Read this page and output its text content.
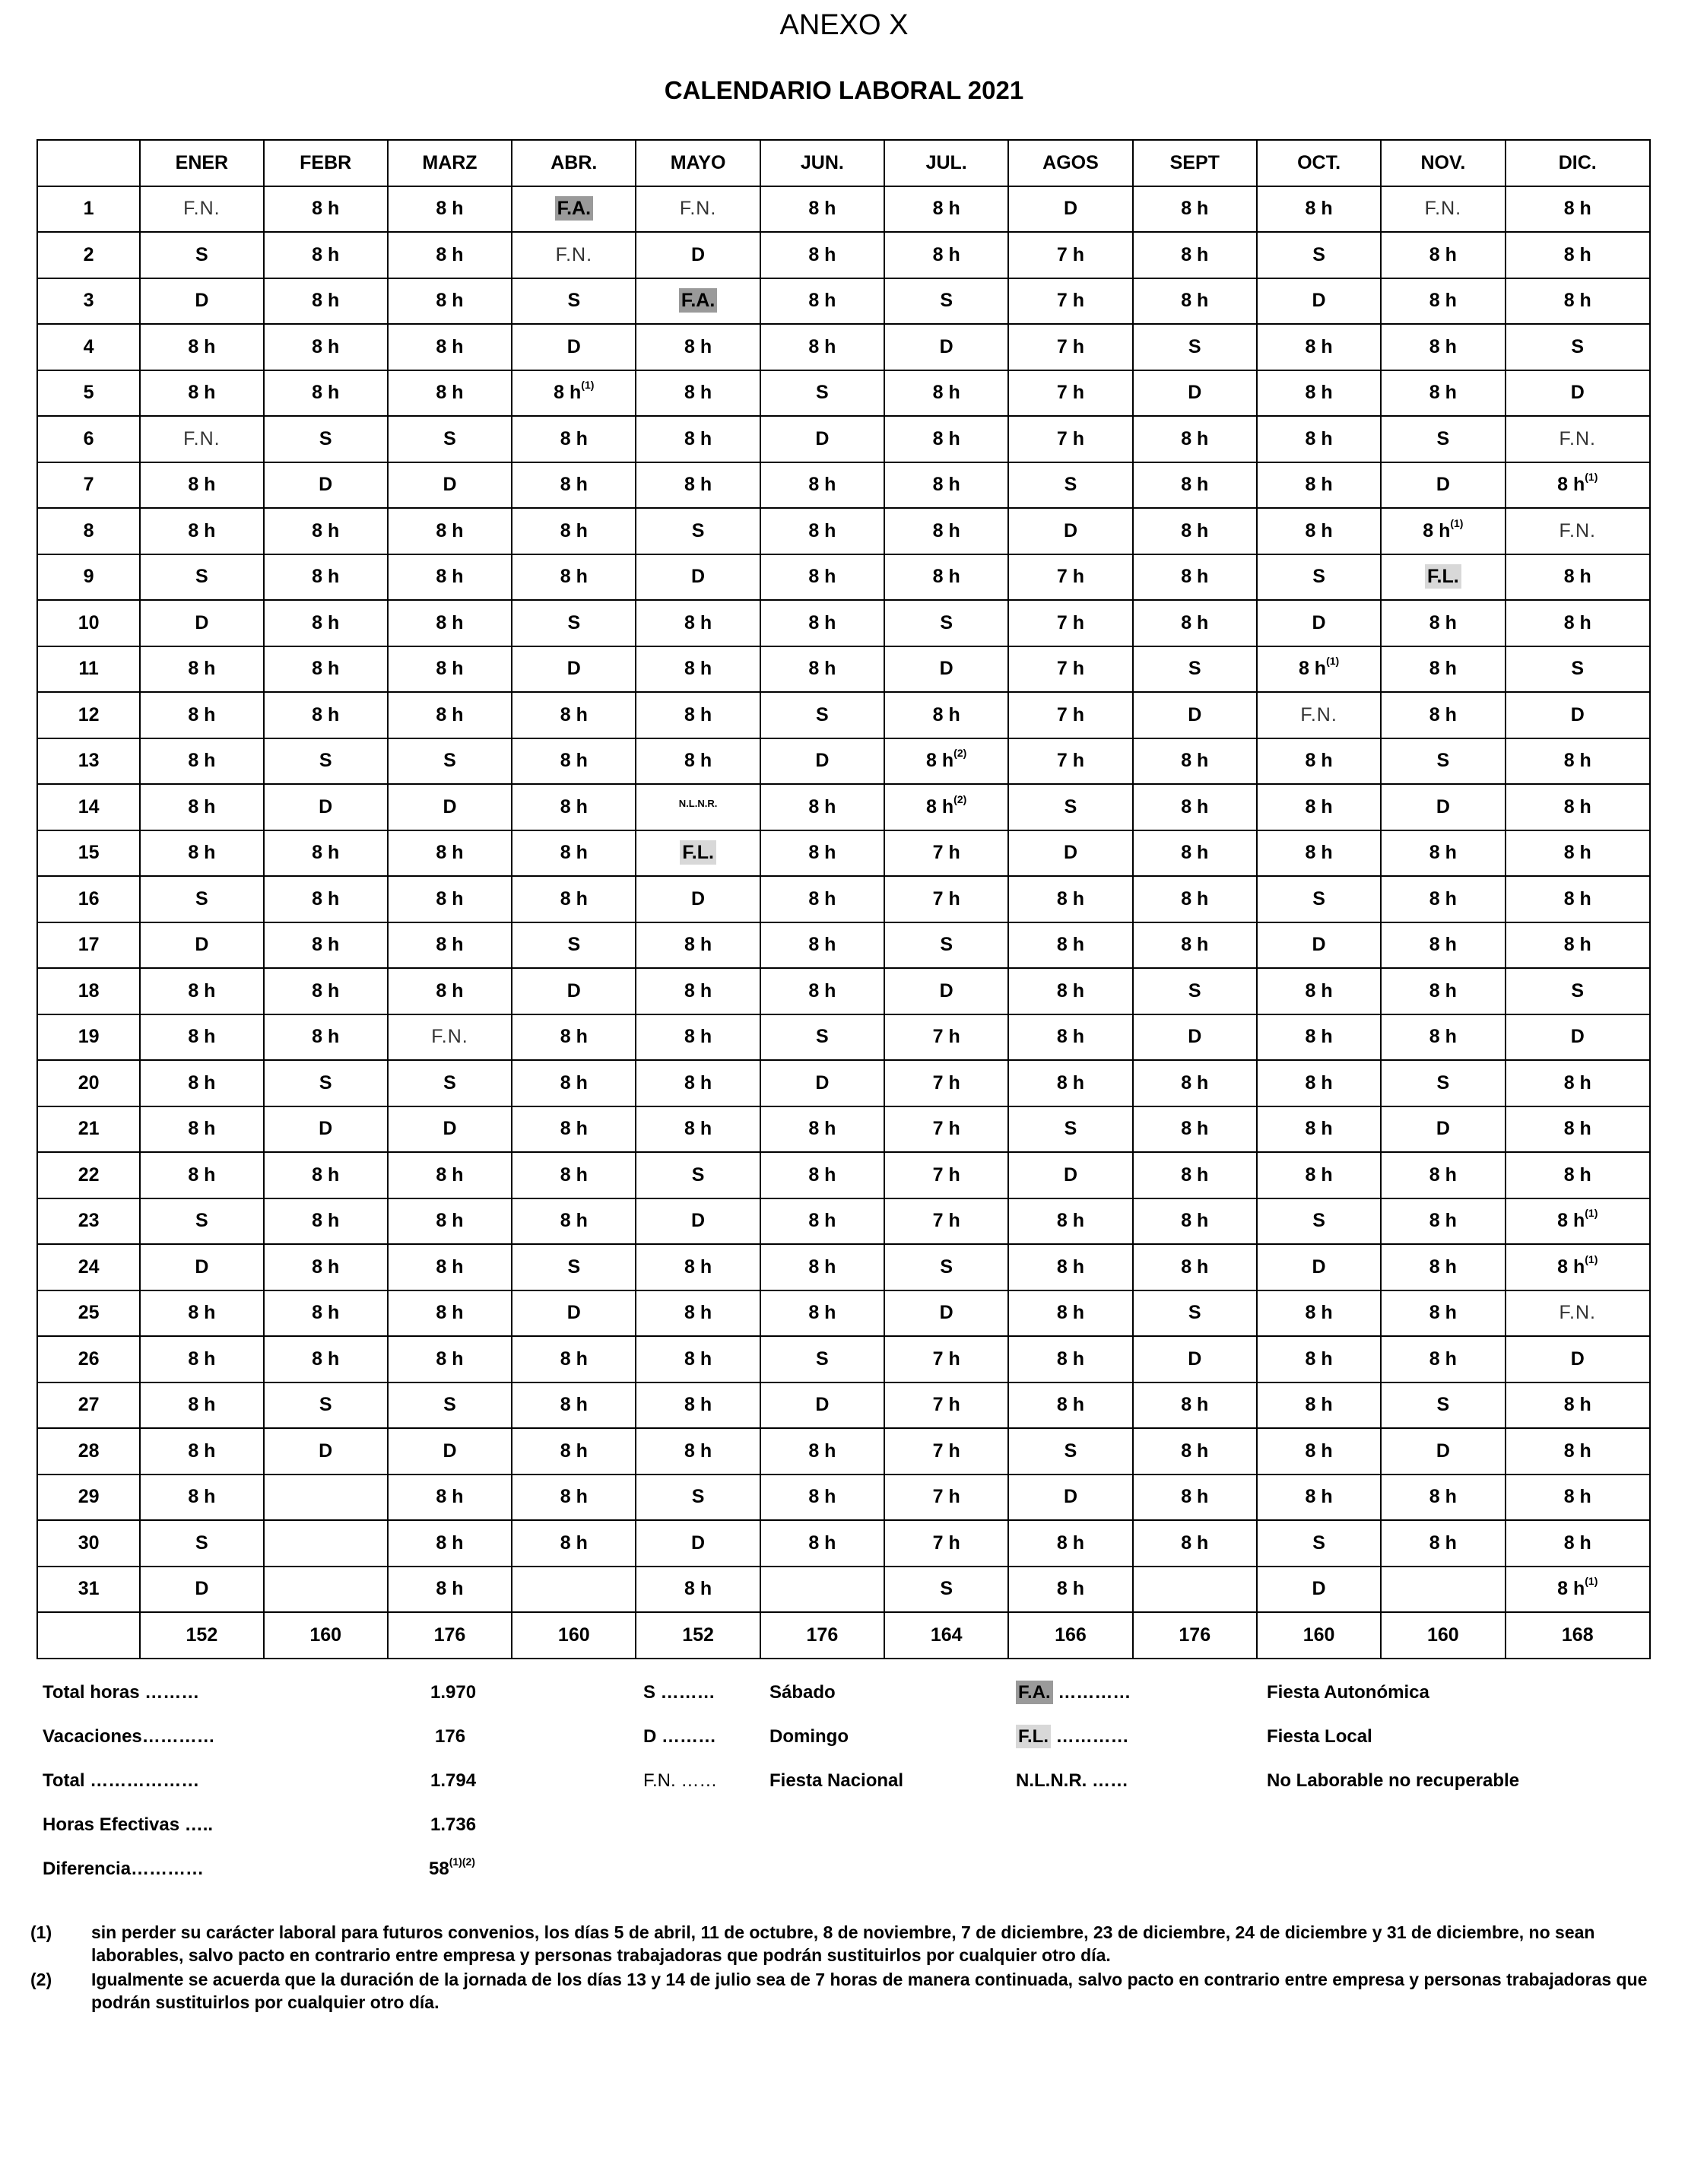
ANEXO X
CALENDARIO LABORAL 2021
	ENER	FEBR	MARZ	ABR.	MAYO	JUN.	JUL.	AGOS	SEPT	OCT.	NOV.	DIC.
1	F.N.	8 h	8 h	F.A.	F.N.	8 h	8 h	D	8 h	8 h	F.N.	8 h
2	S	8 h	8 h	F.N.	D	8 h	8 h	7 h	8 h	S	8 h	8 h
3	D	8 h	8 h	S	F.A.	8 h	S	7 h	8 h	D	8 h	8 h
4	8 h	8 h	8 h	D	8 h	8 h	D	7 h	S	8 h	8 h	S
5	8 h	8 h	8 h	8 $h^{(1)}$	8 h	S	8 h	7 h	D	8 h	8 h	D
6	F.N.	S	S	8 h	8 h	D	8 h	7 h	8 h	8 h	S	F.N.
7	8 h	D	D	8 h	8 h	8 h	8 h	S	8 h	8 h	D	8 $h^{(1)}$
8	8 h	8 h	8 h	8 h	S	8 h	8 h	D	8 h	8 h	8 $h^{(1)}$	F.N.
9	S	8 h	8 h	8 h	D	8 h	8 h	7 h	8 h	S	F.L.	8 h
10	D	8 h	8 h	S	8 h	8 h	S	7 h	8 h	D	8 h	8 h
11	8 h	8 h	8 h	D	8 h	8 h	D	7 h	S	8 $h^{(1)}$	8 h	S
12	8 h	8 h	8 h	8 h	8 h	S	8 h	7 h	D	F.N.	8 h	D
13	8 h	S	S	8 h	8 h	D	8 $h^{(2)}$	7 h	8 h	8 h	S	8 h
14	8 h	D	D	8 h	$^{N.L.N.R.}$	8 h	8 $h^{(2)}$	S	8 h	8 h	D	8 h
15	8 h	8 h	8 h	8 h	F.L.	8 h	7 h	D	8 h	8 h	8 h	8 h
16	S	8 h	8 h	8 h	D	8 h	7 h	8 h	8 h	S	8 h	8 h
17	D	8 h	8 h	S	8 h	8 h	S	8 h	8 h	D	8 h	8 h
18	8 h	8 h	8 h	D	8 h	8 h	D	8 h	S	8 h	8 h	S
19	8 h	8 h	F.N.	8 h	8 h	S	7 h	8 h	D	8 h	8 h	D
20	8 h	S	S	8 h	8 h	D	7 h	8 h	8 h	8 h	S	8 h
21	8 h	D	D	8 h	8 h	8 h	7 h	S	8 h	8 h	D	8 h
22	8 h	8 h	8 h	8 h	S	8 h	7 h	D	8 h	8 h	8 h	8 h
23	S	8 h	8 h	8 h	D	8 h	7 h	8 h	8 h	S	8 h	8 $h^{(1)}$
24	D	8 h	8 h	S	8 h	8 h	S	8 h	8 h	D	8 h	8 $h^{(1)}$
25	8 h	8 h	8 h	D	8 h	8 h	D	8 h	S	8 h	8 h	F.N.
26	8 h	8 h	8 h	8 h	8 h	S	7 h	8 h	D	8 h	8 h	D
27	8 h	S	S	8 h	8 h	D	7 h	8 h	8 h	8 h	S	8 h
28	8 h	D	D	8 h	8 h	8 h	7 h	S	8 h	8 h	D	8 h
29	8 h		8 h	8 h	S	8 h	7 h	D	8 h	8 h	8 h	8 h
30	S		8 h	8 h	D	8 h	7 h	8 h	8 h	S	8 h	8 h
31	D		8 h		8 h		S	8 h		D		8 $h^{(1)}$
	152	160	176	160	152	176	164	166	176	160	160	168
Total horas ………	1.970	S ………	Sábado	F.A. …………	Fiesta Autonómica
Vacaciones…………	176	D ………	Domingo	F.L. …………	Fiesta Local
Total ………………	1.794	F.N. ……	Fiesta Nacional	N.L.N.R. ……	No Laborable no recuperable
Horas Efectivas …..	1.736
Diferencia…………	$58^{(1)(2)}$
(1) sin perder su carácter laboral para futuros convenios, los días 5 de abril, 11 de octubre, 8 de noviembre, 7 de diciembre, 23 de diciembre, 24 de diciembre y 31 de diciembre, no sean laborables, salvo pacto en contrario entre empresa y personas trabajadoras que podrán sustituirlos por cualquier otro día.
(2) Igualmente se acuerda que la duración de la jornada de los días 13 y 14 de julio sea de 7 horas de manera continuada, salvo pacto en contrario entre empresa y personas trabajadoras que podrán sustituirlos por cualquier otro día.
